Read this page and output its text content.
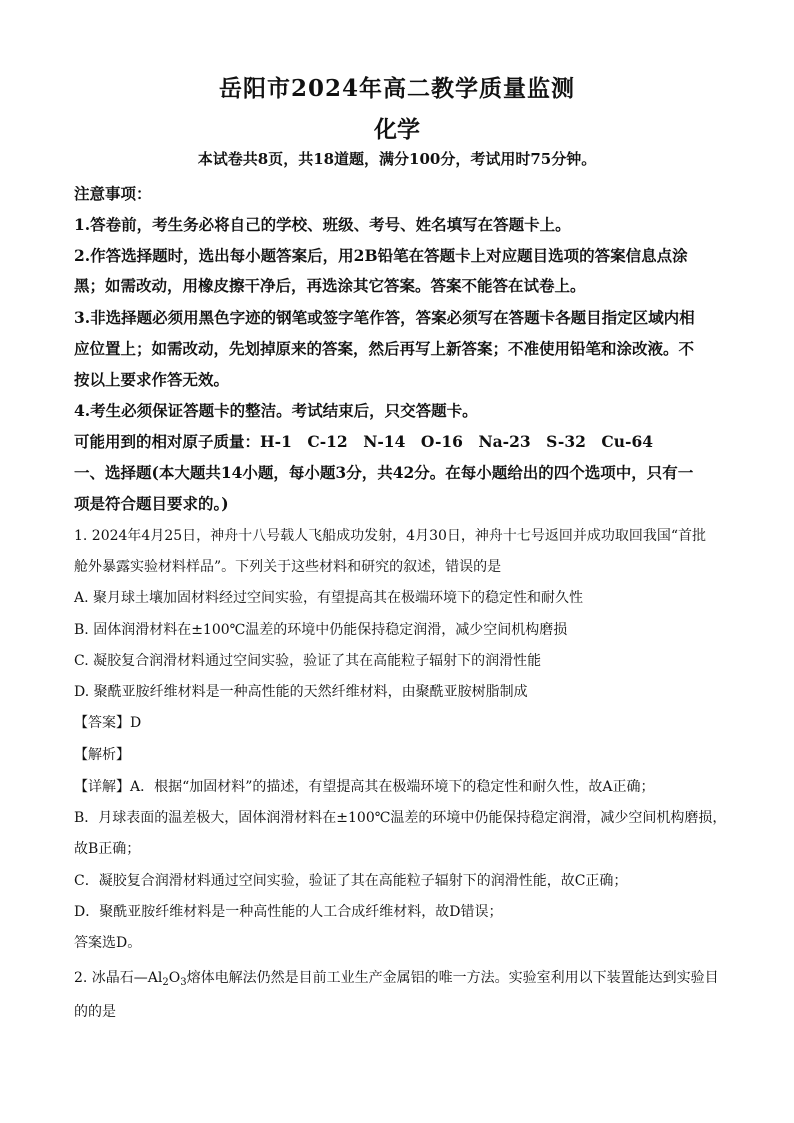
岳阳市2024年高二教学质量监测
化学
本试卷共8页，共18道题，满分100分，考试用时75分钟。
注意事项：
1.答卷前，考生务必将自己的学校、班级、考号、姓名填写在答题卡上。
2.作答选择题时，选出每小题答案后，用2B铅笔在答题卡上对应题目选项的答案信息点涂
黑；如需改动，用橡皮擦干净后，再选涂其它答案。答案不能答在试卷上。
3.非选择题必须用黑色字迹的钢笔或签字笔作答，答案必须写在答题卡各题目指定区域内相
应位置上；如需改动，先划掉原来的答案，然后再写上新答案；不准使用铅笔和涂改液。不
按以上要求作答无效。
4.考生必须保证答题卡的整洁。考试结束后，只交答题卡。
可能用到的相对原子质量：H-1　C-12　N-14　O-16　Na-23　S-32　Cu-64
一、选择题(本大题共14小题，每小题3分，共42分。在每小题给出的四个选项中，只有一
项是符合题目要求的。)
1. 2024年4月25日，神舟十八号载人飞船成功发射，4月30日，神舟十七号返回并成功取回我国“首批
舱外暴露实验材料样品”。下列关于这些材料和研究的叙述，错误的是
A. 聚月球土壤加固材料经过空间实验，有望提高其在极端环境下的稳定性和耐久性
B. 固体润滑材料在±100℃温差的环境中仍能保持稳定润滑，减少空间机构磨损
C. 凝胶复合润滑材料通过空间实验，验证了其在高能粒子辐射下的润滑性能
D. 聚酰亚胺纤维材料是一种高性能的天然纤维材料，由聚酰亚胺树脂制成
【答案】D
【解析】
【详解】A．根据“加固材料”的描述，有望提高其在极端环境下的稳定性和耐久性，故A正确；
B．月球表面的温差极大，固体润滑材料在±100℃温差的环境中仍能保持稳定润滑，减少空间机构磨损，
故B正确；
C．凝胶复合润滑材料通过空间实验，验证了其在高能粒子辐射下的润滑性能，故C正确；
D．聚酰亚胺纤维材料是一种高性能的人工合成纤维材料，故D错误；
答案选D。
2. 冰晶石$—Al_2O_3$熔体电解法仍然是目前工业生产金属铝的唯一方法。实验室利用以下装置能达到实验目
的的是
